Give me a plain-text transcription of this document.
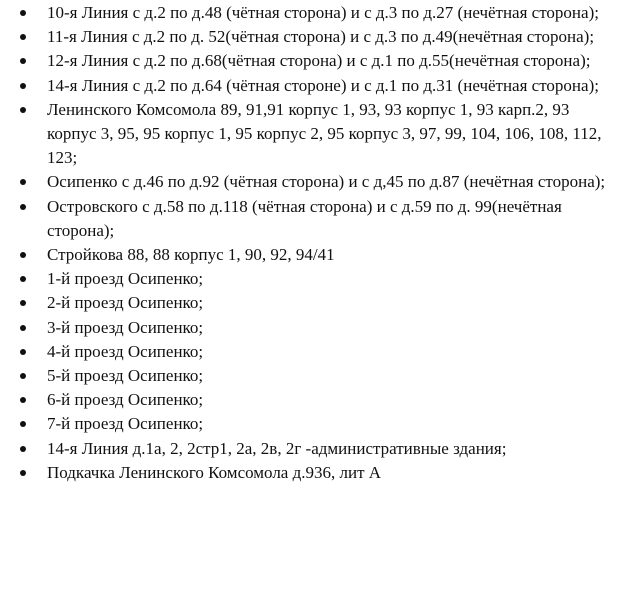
10-я Линия с д.2 по д.48 (чётная сторона) и с д.3 по д.27 (нечётная сторона);
11-я Линия с д.2 по д. 52(чётная сторона) и с д.3 по д.49(нечётная сторона);
12-я Линия с д.2 по д.68(чётная сторона) и с д.1 по д.55(нечётная сторона);
14-я Линия с д.2 по д.64 (чётная стороне) и с д.1 по д.31 (нечётная сторона);
Ленинского Комсомола 89, 91,91 корпус 1, 93, 93 корпус 1, 93 карп.2, 93 корпус 3, 95, 95 корпус 1, 95 корпус 2, 95 корпус 3, 97, 99, 104, 106, 108, 112, 123;
Осипенко с д.46 по д.92 (чётная сторона) и с д,45 по д.87 (нечётная сторона);
Островского с д.58 по д.118 (чётная сторона) и с д.59 по д. 99(нечётная сторона);
Стройкова 88, 88 корпус 1, 90, 92, 94/41
1-й проезд Осипенко;
2-й проезд Осипенко;
3-й проезд Осипенко;
4-й проезд Осипенко;
5-й проезд Осипенко;
6-й проезд Осипенко;
7-й проезд Осипенко;
14-я Линия д.1а, 2, 2стр1, 2а, 2в, 2г -административные здания;
Подкачка Ленинского Комсомола д.936, лит А
